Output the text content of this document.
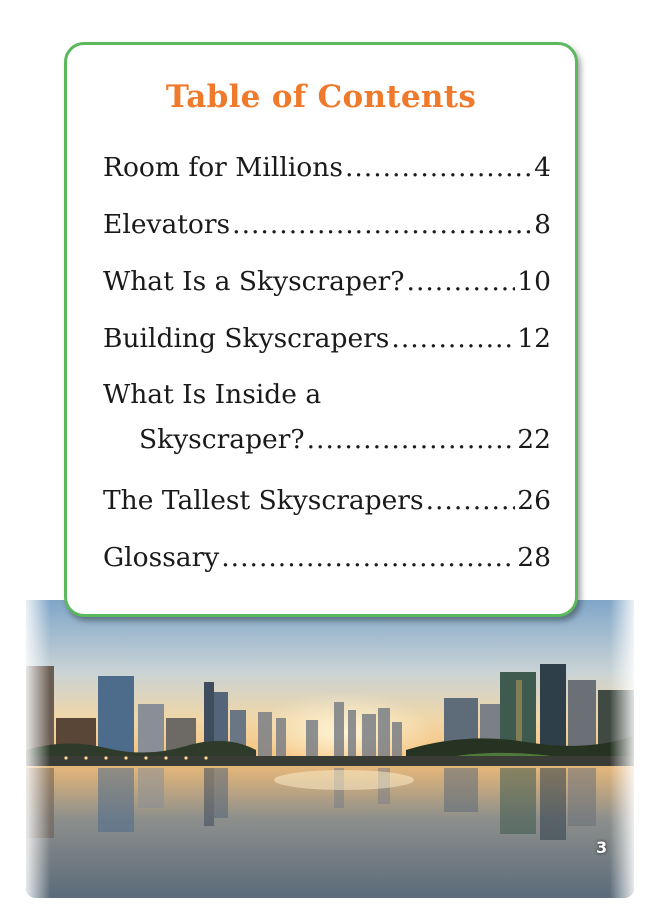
Table of Contents
Room for Millions .....	4
Elevators .....	8
What Is a Skyscraper? .....	10
Building Skyscrapers .....	12
What Is Inside a
Skyscraper? .....	22
The Tallest Skyscrapers .....	26
Glossary .....	28
3
